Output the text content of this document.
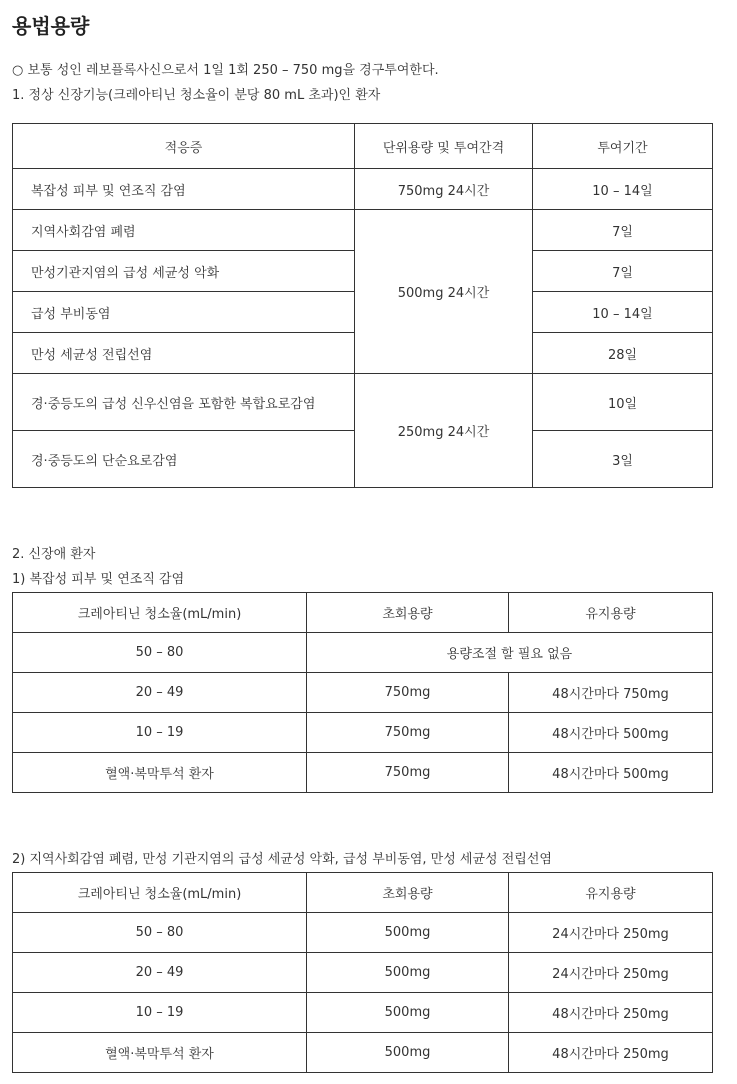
용법용량
○ 보통 성인 레보플록사신으로서 1일 1회 250 – 750 mg을 경구투여한다.
1. 정상 신장기능(크레아티닌 청소율이 분당 80 mL 초과)인 환자
적응증	단위용량 및 투여간격	투여기간
복잡성 피부 및 연조직 감염	750mg 24시간	10 – 14일
지역사회감염 폐렴	500mg 24시간	7일
만성기관지염의 급성 세균성 악화		7일
급성 부비동염		10 – 14일
만성 세균성 전립선염		28일
경·중등도의 급성 신우신염을 포함한 복합요로감염	250mg 24시간	10일
경·중등도의 단순요로감염		3일
2. 신장애 환자
1) 복잡성 피부 및 연조직 감염
크레아티닌 청소율(mL/min)	초회용량	유지용량
50 – 80	용량조절 할 필요 없음	
20 – 49	750mg	48시간마다 750mg
10 – 19	750mg	48시간마다 500mg
혈액·복막투석 환자	750mg	48시간마다 500mg
2) 지역사회감염 폐렴, 만성 기관지염의 급성 세균성 악화, 급성 부비동염, 만성 세균성 전립선염
크레아티닌 청소율(mL/min)	초회용량	유지용량
50 – 80	500mg	24시간마다 250mg
20 – 49	500mg	24시간마다 250mg
10 – 19	500mg	48시간마다 250mg
혈액·복막투석 환자	500mg	48시간마다 250mg
